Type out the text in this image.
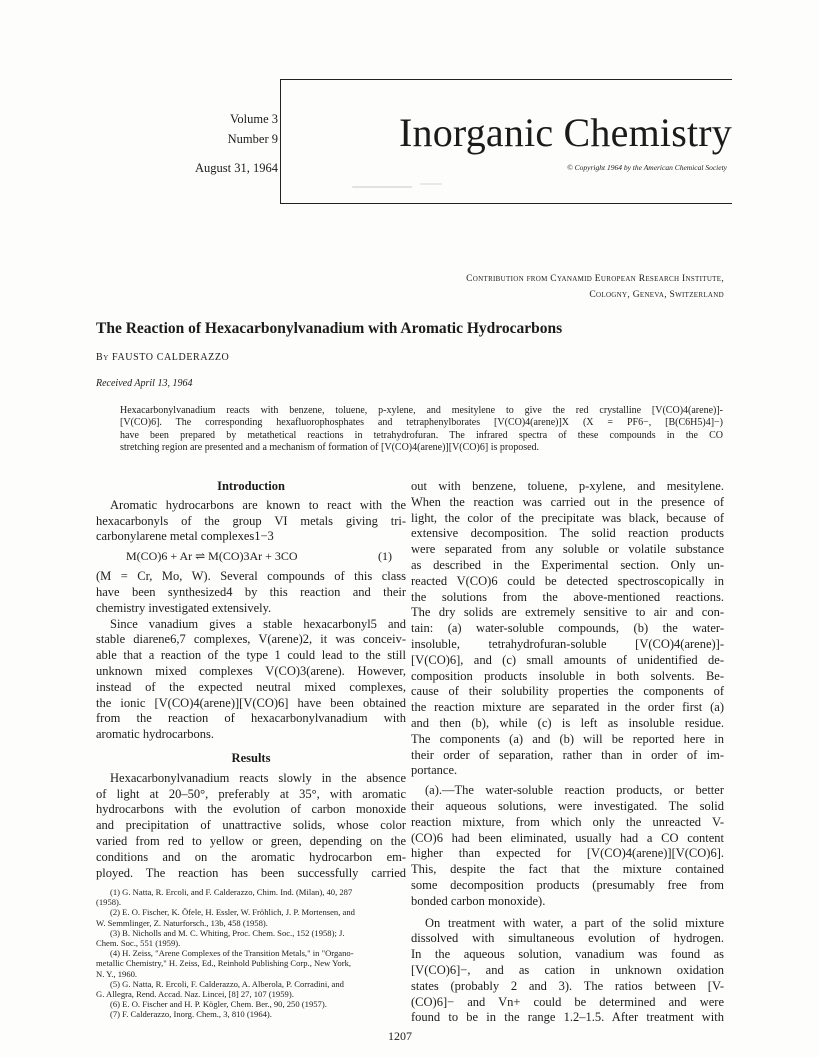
Volume 3
Number 9
August 31, 1964
Inorganic Chemistry
© Copyright 1964 by the American Chemical Society
Contribution from Cyanamid European Research Institute,
Cologny, Geneva, Switzerland
The Reaction of Hexacarbonylvanadium with Aromatic Hydrocarbons
By FAUSTO CALDERAZZO
Received April 13, 1964
Hexacarbonylvanadium reacts with benzene, toluene, p-xylene, and mesitylene to give the red crystalline [V(CO)4(arene)]-
[V(CO)6]. The corresponding hexafluorophosphates and tetraphenylborates [V(CO)4(arene)]X (X = PF6−, [B(C6H5)4]−)
have been prepared by metathetical reactions in tetrahydrofuran. The infrared spectra of these compounds in the CO
stretching region are presented and a mechanism of formation of [V(CO)4(arene)][V(CO)6] is proposed.
Introduction
Aromatic hydrocarbons are known to react with the
hexacarbonyls of the group VI metals giving tri-
carbonylarene metal complexes1−3
M(CO)6 + Ar ⇌ M(CO)3Ar + 3CO	(1)
(M = Cr, Mo, W). Several compounds of this class
have been synthesized4 by this reaction and their
chemistry investigated extensively.
Since vanadium gives a stable hexacarbonyl5 and
stable diarene6,7 complexes, V(arene)2, it was conceiv-
able that a reaction of the type 1 could lead to the still
unknown mixed complexes V(CO)3(arene). However,
instead of the expected neutral mixed complexes,
the ionic [V(CO)4(arene)][V(CO)6] have been obtained
from the reaction of hexacarbonylvanadium with
aromatic hydrocarbons.
Results
Hexacarbonylvanadium reacts slowly in the absence
of light at 20–50°, preferably at 35°, with aromatic
hydrocarbons with the evolution of carbon monoxide
and precipitation of unattractive solids, whose color
varied from red to yellow or green, depending on the
conditions and on the aromatic hydrocarbon em-
ployed. The reaction has been successfully carried
(1) G. Natta, R. Ercoli, and F. Calderazzo, Chim. Ind. (Milan), 40, 287
(1958).
(2) E. O. Fischer, K. Öfele, H. Essler, W. Fröhlich, J. P. Mortensen, and
W. Semmlinger, Z. Naturforsch., 13b, 458 (1958).
(3) B. Nicholls and M. C. Whiting, Proc. Chem. Soc., 152 (1958); J.
Chem. Soc., 551 (1959).
(4) H. Zeiss, "Arene Complexes of the Transition Metals," in "Organo-
metallic Chemistry," H. Zeiss, Ed., Reinhold Publishing Corp., New York,
N. Y., 1960.
(5) G. Natta, R. Ercoli, F. Calderazzo, A. Alberola, P. Corradini, and
G. Allegra, Rend. Accad. Naz. Lincei, [8] 27, 107 (1959).
(6) E. O. Fischer and H. P. Kögler, Chem. Ber., 90, 250 (1957).
(7) F. Calderazzo, Inorg. Chem., 3, 810 (1964).
out with benzene, toluene, p-xylene, and mesitylene.
When the reaction was carried out in the presence of
light, the color of the precipitate was black, because of
extensive decomposition. The solid reaction products
were separated from any soluble or volatile substance
as described in the Experimental section. Only un-
reacted V(CO)6 could be detected spectroscopically in
the solutions from the above-mentioned reactions.
The dry solids are extremely sensitive to air and con-
tain: (a) water-soluble compounds, (b) the water-
insoluble, tetrahydrofuran-soluble [V(CO)4(arene)]-
[V(CO)6], and (c) small amounts of unidentified de-
composition products insoluble in both solvents. Be-
cause of their solubility properties the components of
the reaction mixture are separated in the order first (a)
and then (b), while (c) is left as insoluble residue.
The components (a) and (b) will be reported here in
their order of separation, rather than in order of im-
portance.
(a).—The water-soluble reaction products, or better
their aqueous solutions, were investigated. The solid
reaction mixture, from which only the unreacted V-
(CO)6 had been eliminated, usually had a CO content
higher than expected for [V(CO)4(arene)][V(CO)6].
This, despite the fact that the mixture contained
some decomposition products (presumably free from
bonded carbon monoxide).
On treatment with water, a part of the solid mixture
dissolved with simultaneous evolution of hydrogen.
In the aqueous solution, vanadium was found as
[V(CO)6]−, and as cation in unknown oxidation
states (probably 2 and 3). The ratios between [V-
(CO)6]− and Vn+ could be determined and were
found to be in the range 1.2–1.5. After treatment with
1207
